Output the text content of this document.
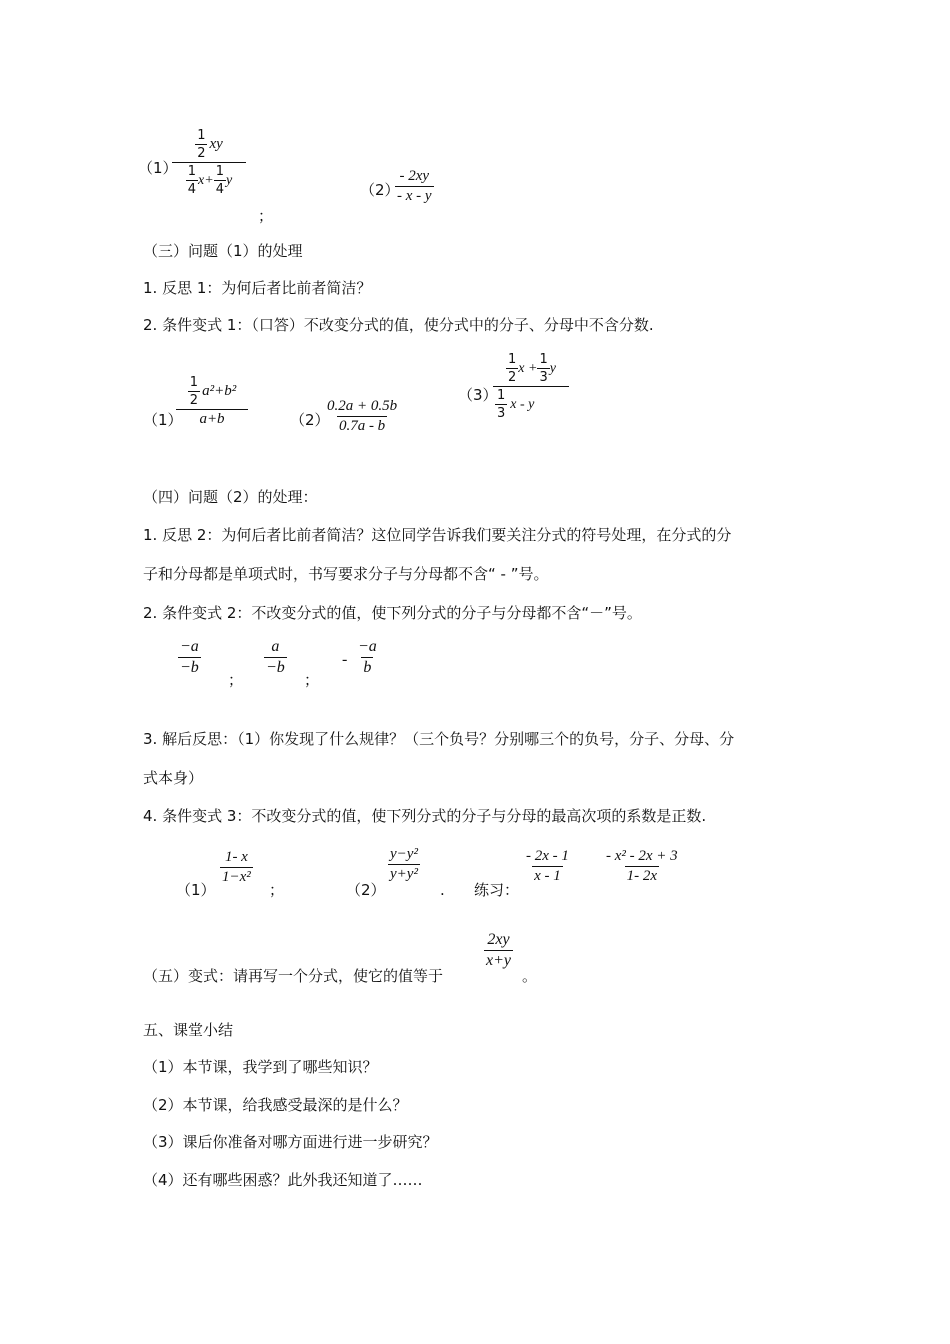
（1）
$\frac{\frac{1}{2} xy}{\frac{1}{4} x+ \frac{1}{4} y}$
；
（2）
$\frac{- 2xy}{- x - y}$
（三）问题（1）的处理
1. 反思 1：为何后者比前者简洁？
2. 条件变式 1：（口答）不改变分式的值，使分式中的分子、分母中不含分数.
（1）
$\frac{\frac{1}{2} a^2+b^2}{a+b}$	（2）
$\frac{0.2a + 0.5b}{0.7a - b}$
（3）
$\frac{\frac{1}{2} x + \frac{1}{3} y}{\frac{1}{3} x - y}$
（四）问题（2）的处理：
1. 反思 2：为何后者比前者简洁？这位同学告诉我们要关注分式的符号处理，在分式的分
子和分母都是单项式时，书写要求分子与分母都不含“ - ”号。
2. 条件变式 2：不改变分式的值，使下列分式的分子与分母都不含“－”号。
$\frac{-a}{-b}$
；
$\frac{a}{-b}$
；
- $\frac{-a}{b}$
3. 解后反思：（1）你发现了什么规律？（三个负号？分别哪三个的负号，分子、分母、分
式本身）
4. 条件变式 3：不改变分式的值，使下列分式的分子与分母的最高次项的系数是正数.
（1）
$\frac{1- x}{\text{1−x²}}$
；	（2）
$\frac{\text{y−y²}}{\text{y+y²}}$
. 练习：
$\frac{- 2x - 1}{x - 1} \frac{\text{- x² - 2x + 3}}{1- 2x}$
（五）变式：请再写一个分式，使它的值等于
$\frac{2xy}{x+y}$
。
五、课堂小结
（1）本节课，我学到了哪些知识？
（2）本节课，给我感受最深的是什么？
（3）课后你准备对哪方面进行进一步研究？
（4）还有哪些困惑？此外我还知道了……
